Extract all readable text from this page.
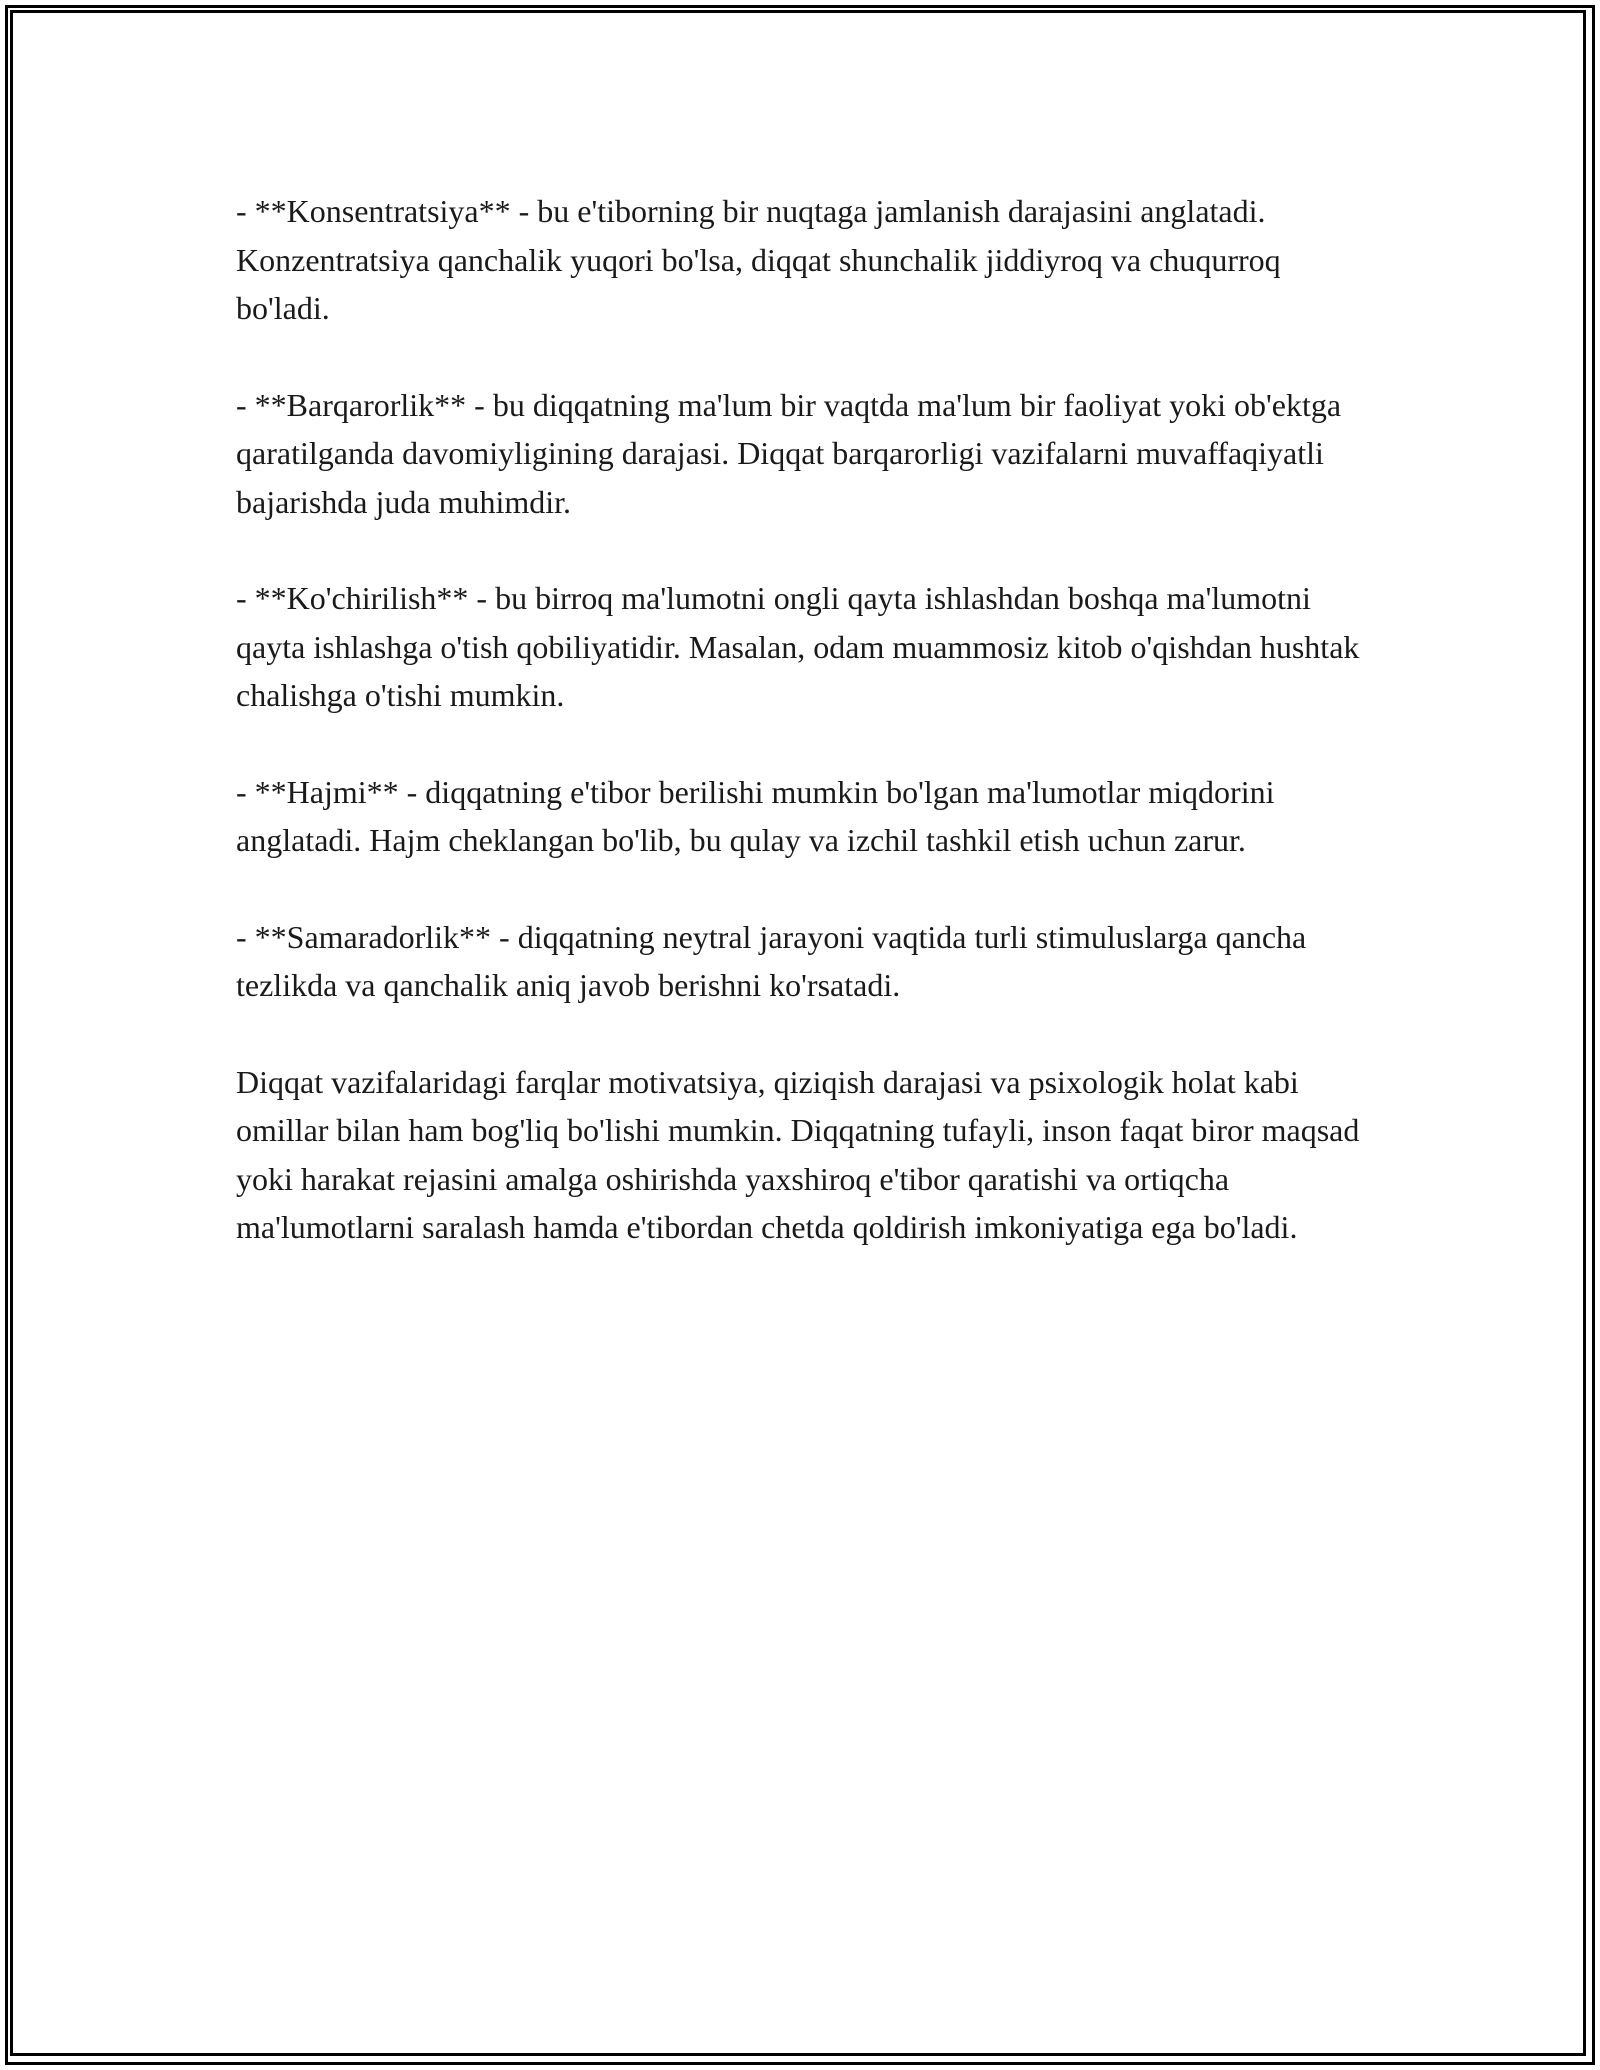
- **Konsentratsiya** - bu e'tiborning bir nuqtaga jamlanish darajasini anglatadi. Konzentratsiya qanchalik yuqori bo'lsa, diqqat shunchalik jiddiyroq va chuqurroq bo'ladi.

- **Barqarorlik** - bu diqqatning ma'lum bir vaqtda ma'lum bir faoliyat yoki ob'ektga qaratilganda davomiyligining darajasi. Diqqat barqarorligi vazifalarni muvaffaqiyatli bajarishda juda muhimdir.

- **Ko'chirilish** - bu birroq ma'lumotni ongli qayta ishlashdan boshqa ma'lumotni qayta ishlashga o'tish qobiliyatidir. Masalan, odam muammosiz kitob o'qishdan hushtak chalishga o'tishi mumkin.

- **Hajmi** - diqqatning e'tibor berilishi mumkin bo'lgan ma'lumotlar miqdorini anglatadi. Hajm cheklangan bo'lib, bu qulay va izchil tashkil etish uchun zarur.

- **Samaradorlik** - diqqatning neytral jarayoni vaqtida turli stimuluslarga qancha tezlikda va qanchalik aniq javob berishni ko'rsatadi.

Diqqat vazifalaridagi farqlar motivatsiya, qiziqish darajasi va psixologik holat kabi omillar bilan ham bog'liq bo'lishi mumkin. Diqqatning tufayli, inson faqat biror maqsad yoki harakat rejasini amalga oshirishda yaxshiroq e'tibor qaratishi va ortiqcha ma'lumotlarni saralash hamda e'tibordan chetda qoldirish imkoniyatiga ega bo'ladi.
